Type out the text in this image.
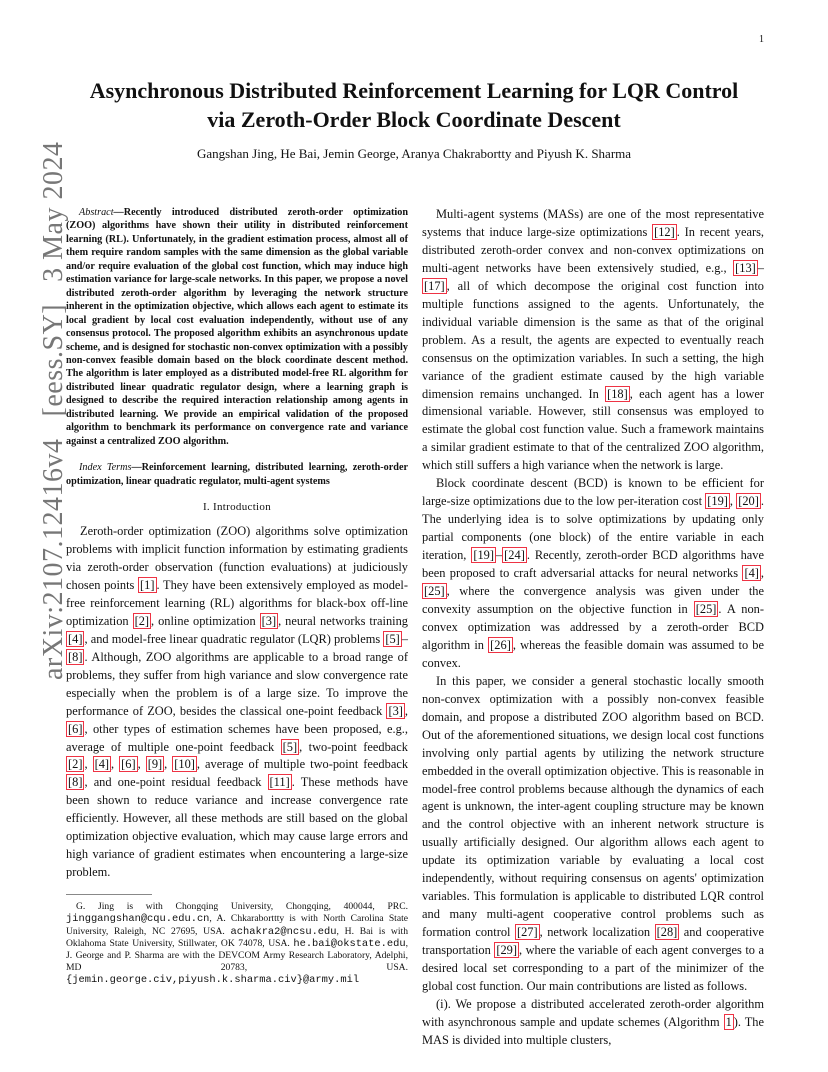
1
arXiv:2107.12416v4
[eess.SY]
3 May 2024
Asynchronous Distributed Reinforcement Learning for LQR Control
via Zeroth-Order Block Coordinate Descent
Gangshan Jing, He Bai, Jemin George, Aranya Chakrabortty and Piyush K. Sharma

Abstract—Recently introduced distributed zeroth-order optimization (ZOO) algorithms have shown their utility in distributed reinforcement learning (RL). Unfortunately, in the gradient estimation process, almost all of them require random samples with the same dimension as the global variable and/or require evaluation of the global cost function, which may induce high estimation variance for large-scale networks. In this paper, we propose a novel distributed zeroth-order algorithm by leveraging the network structure inherent in the optimization objective, which allows each agent to estimate its local gradient by local cost evaluation independently, without use of any consensus protocol. The proposed algorithm exhibits an asynchronous update scheme, and is designed for stochastic non-convex optimization with a possibly non-convex feasible domain based on the block coordinate descent method. The algorithm is later employed as a distributed model-free RL algorithm for distributed linear quadratic regulator design, where a learning graph is designed to describe the required interaction relationship among agents in distributed learning. We provide an empirical validation of the proposed algorithm to benchmark its performance on convergence rate and variance against a centralized ZOO algorithm.

Index Terms—Reinforcement learning, distributed learning, zeroth-order optimization, linear quadratic regulator, multi-agent systems

I. Introduction

Zeroth-order optimization (ZOO) algorithms solve optimization problems with implicit function information by estimating gradients via zeroth-order observation (function evaluations) at judiciously chosen points [1] . They have been extensively employed as model-free reinforcement learning (RL) algorithms for black-box off-line optimization [2] , online optimization [3] , neural networks training [4] , and model-free linear quadratic regulator (LQR) problems [5] –[8] . Although, ZOO algorithms are applicable to a broad range of problems, they suffer from high variance and slow convergence rate especially when the problem is of a large size. To improve the performance of ZOO, besides the classical one-point feedback [3] , [6] , other types of estimation schemes have been proposed, e.g., average of multiple one-point feedback [5] , two-point feedback [2] , [4] , [6] , [9] , [10] , average of multiple two-point feedback [8] , and one-point residual feedback [11] . These methods have been shown to reduce variance and increase convergence rate efficiently. However, all these methods are still based on the global optimization objective evaluation, which may cause large errors and high variance of gradient estimates when encountering a large-size problem.

G. Jing is with Chongqing University, Chongqing, 400044, PRC. jinggangshan@cqu.edu.cn, A. Chkaraborttty is with North Carolina State University, Raleigh, NC 27695, USA. achakra2@ncsu.edu, H. Bai is with Oklahoma State University, Stillwater, OK 74078, USA. he.bai@okstate.edu, J. George and P. Sharma are with the DEVCOM Army Research Laboratory, Adelphi, MD 20783, USA. {jemin.george.civ,piyush.k.sharma.civ}@army.mil

Multi-agent systems (MASs) are one of the most representative systems that induce large-size optimizations [12] . In recent years, distributed zeroth-order convex and non-convex optimizations on multi-agent networks have been extensively studied, e.g., [13] –[17] , all of which decompose the original cost function into multiple functions assigned to the agents. Unfortunately, the individual variable dimension is the same as that of the original problem. As a result, the agents are expected to eventually reach consensus on the optimization variables. In such a setting, the high variance of the gradient estimate caused by the high variable dimension remains unchanged. In [18] , each agent has a lower dimensional variable. However, still consensus was employed to estimate the global cost function value. Such a framework maintains a similar gradient estimate to that of the centralized ZOO algorithm, which still suffers a high variance when the network is large.

Block coordinate descent (BCD) is known to be efficient for large-size optimizations due to the low per-iteration cost [19] , [20] . The underlying idea is to solve optimizations by updating only partial components (one block) of the entire variable in each iteration, [19] – [24] . Recently, zeroth-order BCD algorithms have been proposed to craft adversarial attacks for neural networks [4] , [25] , where the convergence analysis was given under the convexity assumption on the objective function in [25] . A non-convex optimization was addressed by a zeroth-order BCD algorithm in [26] , whereas the feasible domain was assumed to be convex.

In this paper, we consider a general stochastic locally smooth non-convex optimization with a possibly non-convex feasible domain, and propose a distributed ZOO algorithm based on BCD. Out of the aforementioned situations, we design local cost functions involving only partial agents by utilizing the network structure embedded in the overall optimization objective. This is reasonable in model-free control problems because although the dynamics of each agent is unknown, the inter-agent coupling structure may be known and the control objective with an inherent network structure is usually artificially designed. Our algorithm allows each agent to update its optimization variable by evaluating a local cost independently, without requiring consensus on agents' optimization variables. This formulation is applicable to distributed LQR control and many multi-agent cooperative control problems such as formation control [27] , network localization [28] and cooperative transportation [29] , where the variable of each agent converges to a desired local set corresponding to a part of the minimizer of the global cost function. Our main contributions are listed as follows.

(i). We propose a distributed accelerated zeroth-order algorithm with asynchronous sample and update schemes (Algorithm 1 ). The MAS is divided into multiple clusters,
